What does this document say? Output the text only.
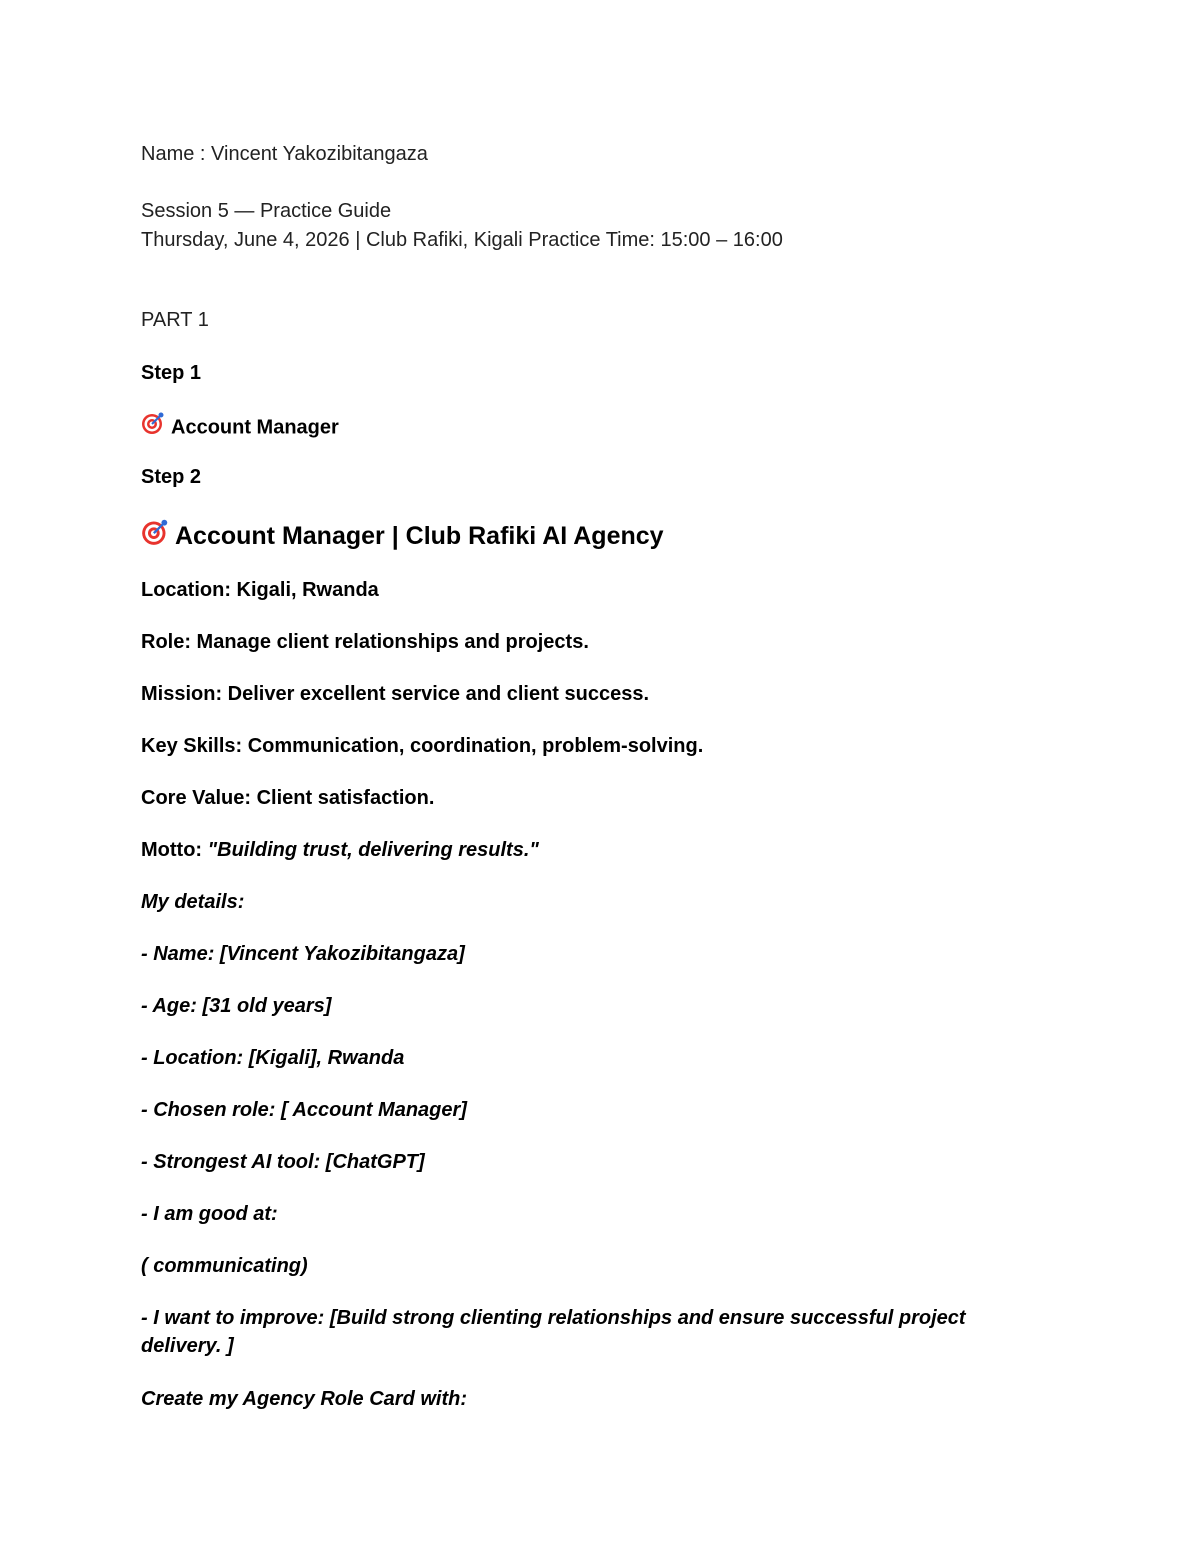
Name : Vincent Yakozibitangaza
Session 5 — Practice Guide
Thursday, June 4, 2026 | Club Rafiki, Kigali Practice Time: 15:00 – 16:00
PART 1
Step 1
Account Manager
Step 2
Account Manager | Club Rafiki AI Agency
Location: Kigali, Rwanda
Role: Manage client relationships and projects.
Mission: Deliver excellent service and client success.
Key Skills: Communication, coordination, problem-solving.
Core Value: Client satisfaction.
Motto: "Building trust, delivering results."
My details:
- Name: [Vincent Yakozibitangaza]
- Age: [31 old years]
- Location: [Kigali], Rwanda
- Chosen role: [ Account Manager]
- Strongest AI tool: [ChatGPT]
- I am good at:
( communicating)
- I want to improve: [Build strong clienting relationships and ensure successful project delivery. ]
Create my Agency Role Card with:
